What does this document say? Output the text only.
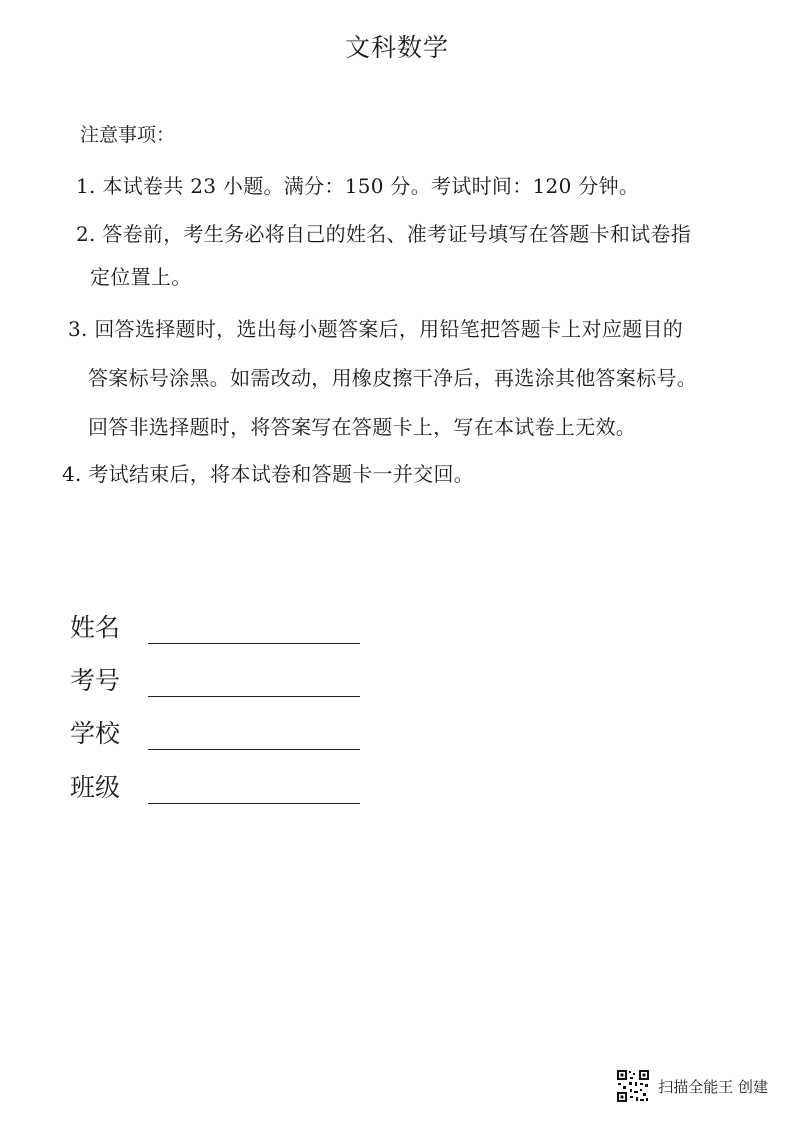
文科数学
注意事项：
1. 本试卷共 23 小题。满分：150 分。考试时间：120 分钟。
2. 答卷前，考生务必将自己的姓名、准考证号填写在答题卡和试卷指
定位置上。
3. 回答选择题时，选出每小题答案后，用铅笔把答题卡上对应题目的
答案标号涂黑。如需改动，用橡皮擦干净后，再选涂其他答案标号。
回答非选择题时，将答案写在答题卡上，写在本试卷上无效。
4. 考试结束后，将本试卷和答题卡一并交回。
姓名
考号
学校
班级
扫描全能王 创建
